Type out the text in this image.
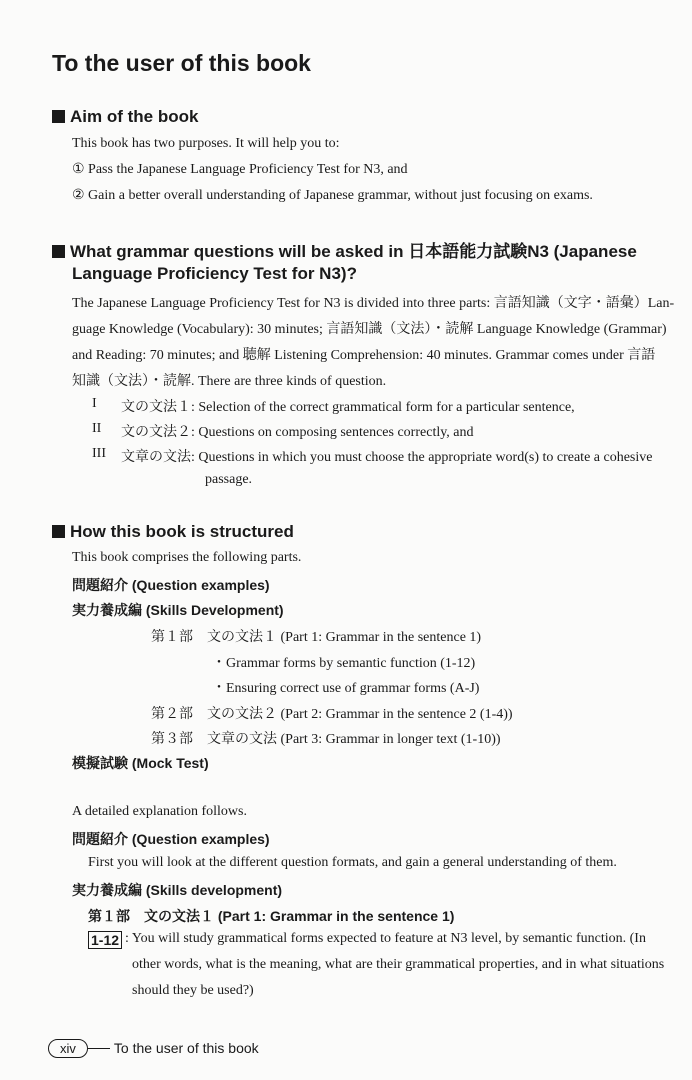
To the user of this book
Aim of the book
This book has two purposes. It will help you to:
① Pass the Japanese Language Proficiency Test for N3, and
② Gain a better overall understanding of Japanese grammar, without just focusing on exams.
What grammar questions will be asked in 日本語能力試験N3 (Japanese
Language Proficiency Test for N3)?
The Japanese Language Proficiency Test for N3 is divided into three parts: 言語知識（文字・語彙）Lan-
guage Knowledge (Vocabulary): 30 minutes; 言語知識（文法）・読解 Language Knowledge (Grammar)
and Reading: 70 minutes; and 聴解 Listening Comprehension: 40 minutes. Grammar comes under 言語
知識（文法）・読解. There are three kinds of question.
I 文の文法１: Selection of the correct grammatical form for a particular sentence,
II 文の文法２: Questions on composing sentences correctly, and
III 文章の文法: Questions in which you must choose the appropriate word(s) to create a cohesive
passage.
How this book is structured
This book comprises the following parts.
問題紹介 (Question examples)
実力養成編 (Skills Development)
第１部　文の文法１ (Part 1: Grammar in the sentence 1)
・Grammar forms by semantic function (1-12)
・Ensuring correct use of grammar forms (A-J)
第２部　文の文法２ (Part 2: Grammar in the sentence 2 (1-4))
第３部　文章の文法 (Part 3: Grammar in longer text (1-10))
模擬試験 (Mock Test)
A detailed explanation follows.
問題紹介 (Question examples)
First you will look at the different question formats, and gain a general understanding of them.
実力養成編 (Skills development)
第１部　文の文法１ (Part 1: Grammar in the sentence 1)
1-12 : You will study grammatical forms expected to feature at N3 level, by semantic function. (In
other words, what is the meaning, what are their grammatical properties, and in what situations
should they be used?)
xiv	To the user of this book
